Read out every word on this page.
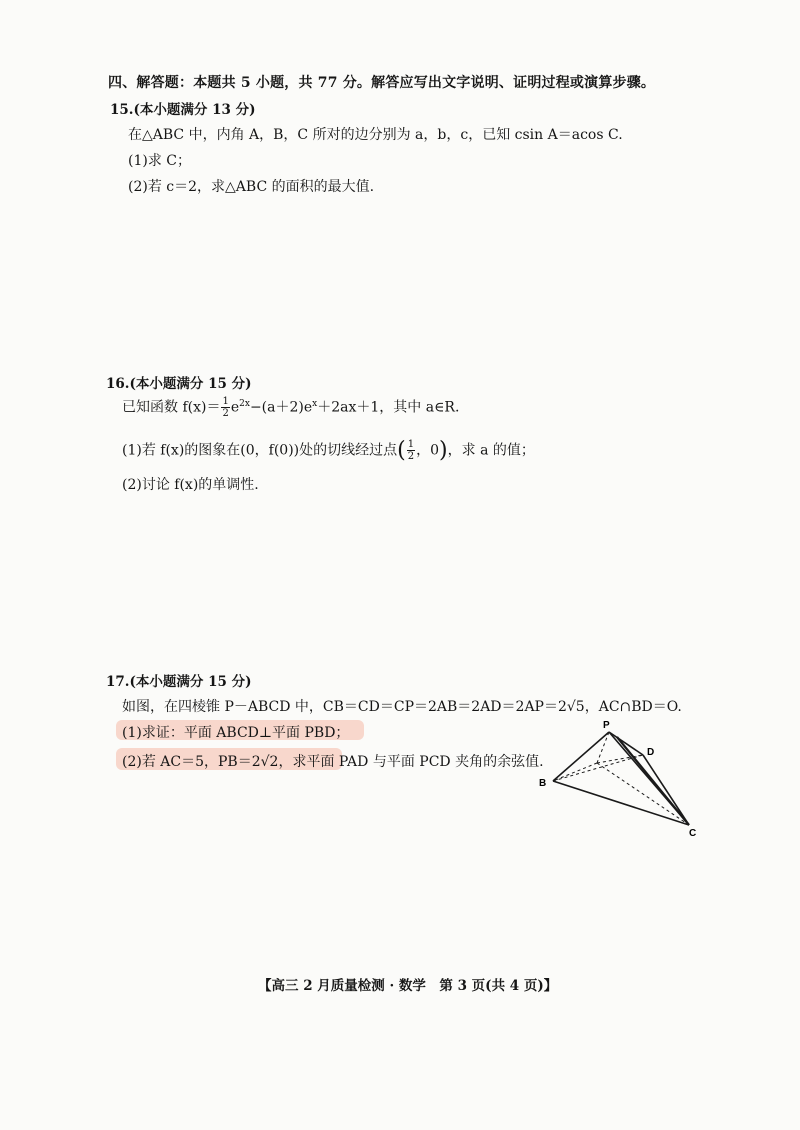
四、解答题：本题共 5 小题，共 77 分。解答应写出文字说明、证明过程或演算步骤。
15.(本小题满分 13 分)
在△ABC 中，内角 A，B，C 所对的边分别为 a，b，c，已知 csin A＝acos C.
(1)求 C；
(2)若 c＝2，求△ABC 的面积的最大值.
16.(本小题满分 15 分)
已知函数 $f(x)= \frac{1}{2} e^{2x}-(a+2)e^x+2ax+1$，其中 a∈R.
(1)若 f(x)的图象在(0，f(0))处的切线经过点( $\frac{1}{2}$ ，0)，求 a 的值；
(2)讨论 f(x)的单调性.
17.(本小题满分 15 分)
如图，在四棱锥 P－ABCD 中，CB＝CD＝CP＝2AB＝2AD＝2AP＝2√5，AC∩BD＝O.
(1)求证：平面 ABCD⊥平面 PBD；
(2)若 AC＝5，PB＝2√2，求平面 PAD 与平面 PCD 夹角的余弦值.
P
D
B
C
【高三 2 月质量检测 · 数学　第 3 页(共 4 页)】
